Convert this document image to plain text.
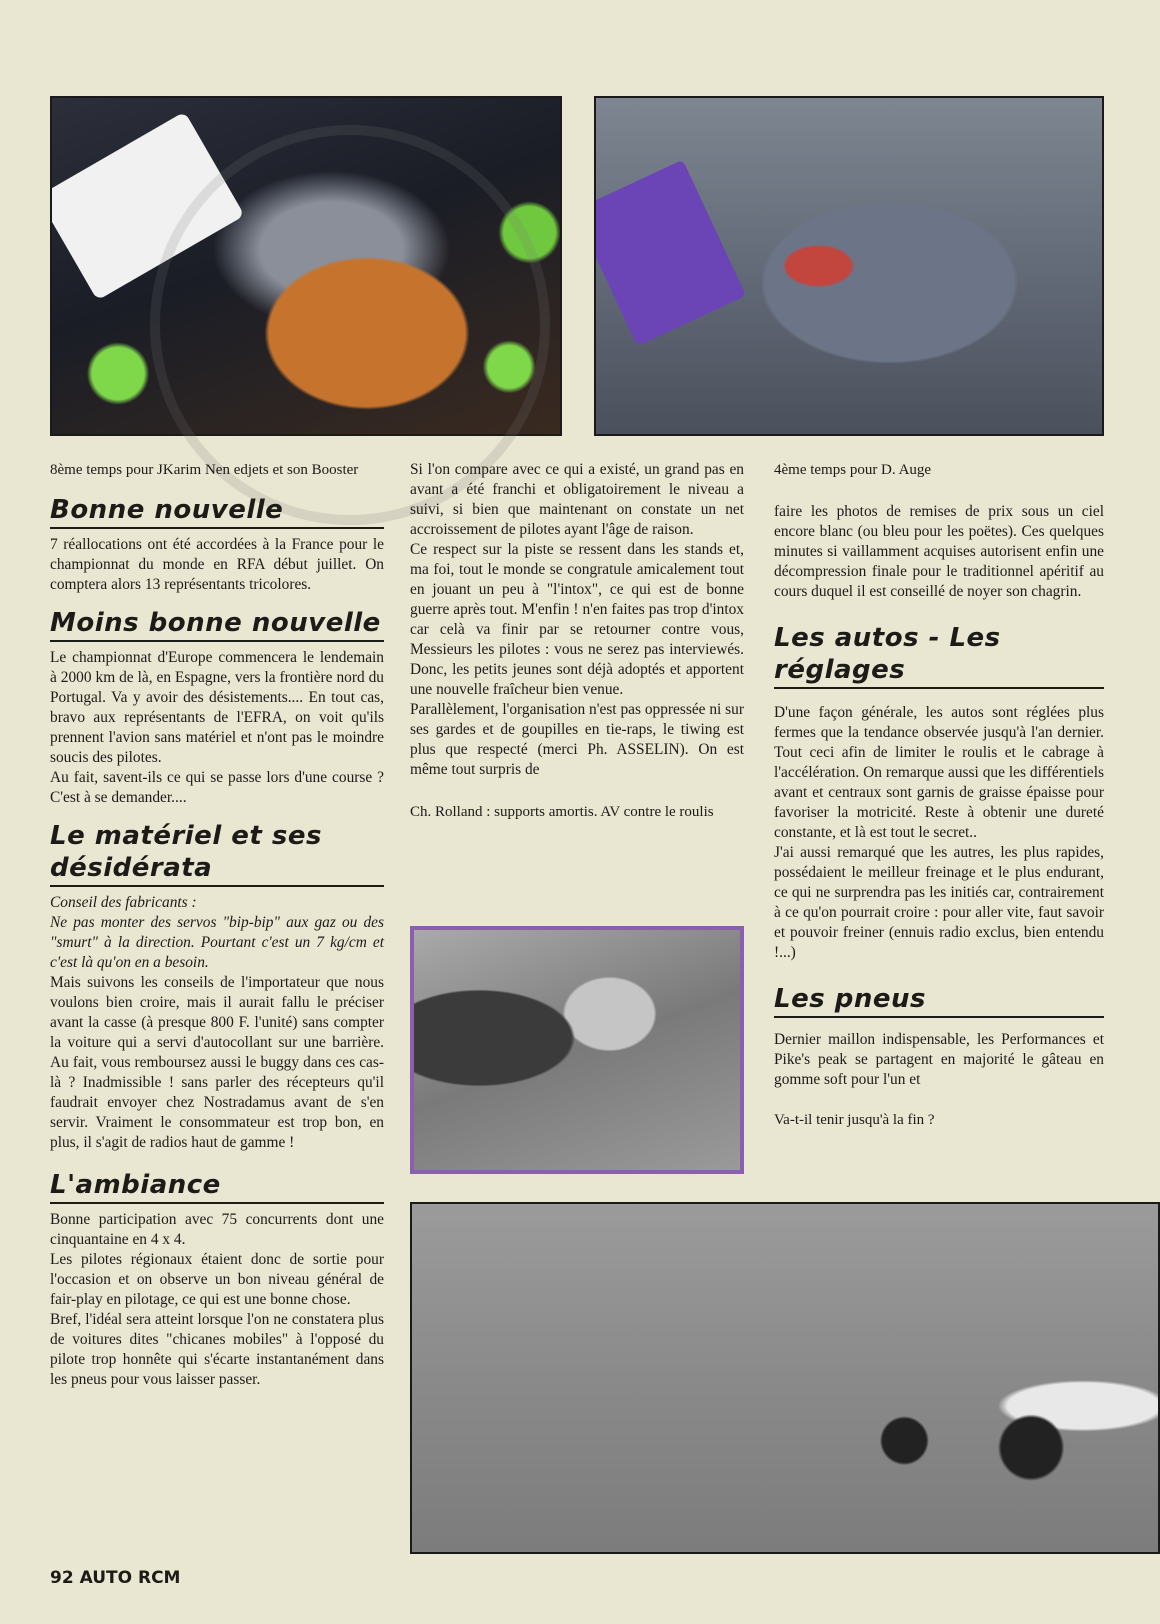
8ème temps pour JKarim Nen edjets et son Booster

Bonne nouvelle

7 réallocations ont été accordées à la France pour le championnat du monde en RFA début juillet. On comptera alors 13 représentants tricolores.

Moins bonne nouvelle

Le championnat d'Europe commencera le lendemain à 2000 km de là, en Espagne, vers la frontière nord du Portugal. Va y avoir des désistements.... En tout cas, bravo aux représentants de l'EFRA, on voit qu'ils prennent l'avion sans matériel et n'ont pas le moindre soucis des pilotes.

Au fait, savent-ils ce qui se passe lors d'une course ? C'est à se demander....

Le matériel et ses désidérata

Conseil des fabricants :

Ne pas monter des servos "bip-bip" aux gaz ou des "smurt" à la direction. Pourtant c'est un 7 kg/cm et c'est là qu'on en a besoin.

Mais suivons les conseils de l'importateur que nous voulons bien croire, mais il aurait fallu le préciser avant la casse (à presque 800 F. l'unité) sans compter la voiture qui a servi d'autocollant sur une barrière. Au fait, vous remboursez aussi le buggy dans ces cas-là ? Inadmissible ! sans parler des récepteurs qu'il faudrait envoyer chez Nostradamus avant de s'en servir. Vraiment le consommateur est trop bon, en plus, il s'agit de radios haut de gamme !

L'ambiance

Bonne participation avec 75 concurrents dont une cinquantaine en 4 x 4.

Les pilotes régionaux étaient donc de sortie pour l'occasion et on observe un bon niveau général de fair-play en pilotage, ce qui est une bonne chose.

Bref, l'idéal sera atteint lorsque l'on ne constatera plus de voitures dites "chicanes mobiles" à l'opposé du pilote trop honnête qui s'écarte instantanément dans les pneus pour vous laisser passer.

Si l'on compare avec ce qui a existé, un grand pas en avant a été franchi et obligatoirement le niveau a suivi, si bien que maintenant on constate un net accroissement de pilotes ayant l'âge de raison.

Ce respect sur la piste se ressent dans les stands et, ma foi, tout le monde se congratule amicalement tout en jouant un peu à "l'intox", ce qui est de bonne guerre après tout. M'enfin ! n'en faites pas trop d'intox car celà va finir par se retourner contre vous, Messieurs les pilotes : vous ne serez pas interviewés. Donc, les petits jeunes sont déjà adoptés et apportent une nouvelle fraîcheur bien venue.

Parallèlement, l'organisation n'est pas oppressée ni sur ses gardes et de goupilles en tie-raps, le tiwing est plus que respecté (merci Ph. ASSELIN). On est même tout surpris de

Ch. Rolland : supports amortis. AV contre le roulis

4ème temps pour D. Auge

faire les photos de remises de prix sous un ciel encore blanc (ou bleu pour les poëtes). Ces quelques minutes si vaillamment acquises autorisent enfin une décompression finale pour le traditionnel apéritif au cours duquel il est conseillé de noyer son chagrin.

Les autos - Les réglages

D'une façon générale, les autos sont réglées plus fermes que la tendance observée jusqu'à l'an dernier. Tout ceci afin de limiter le roulis et le cabrage à l'accélération. On remarque aussi que les différentiels avant et centraux sont garnis de graisse épaisse pour favoriser la motricité. Reste à obtenir une dureté constante, et là est tout le secret..

J'ai aussi remarqué que les autres, les plus rapides, possédaient le meilleur freinage et le plus endurant, ce qui ne surprendra pas les initiés car, contrairement à ce qu'on pourrait croire : pour aller vite, faut savoir et pouvoir freiner (ennuis radio exclus, bien entendu !...)

Les pneus

Dernier maillon indispensable, les Performances et Pike's peak se partagent en majorité le gâteau en gomme soft pour l'un et

Va-t-il tenir jusqu'à la fin ?

92 AUTO RCM
